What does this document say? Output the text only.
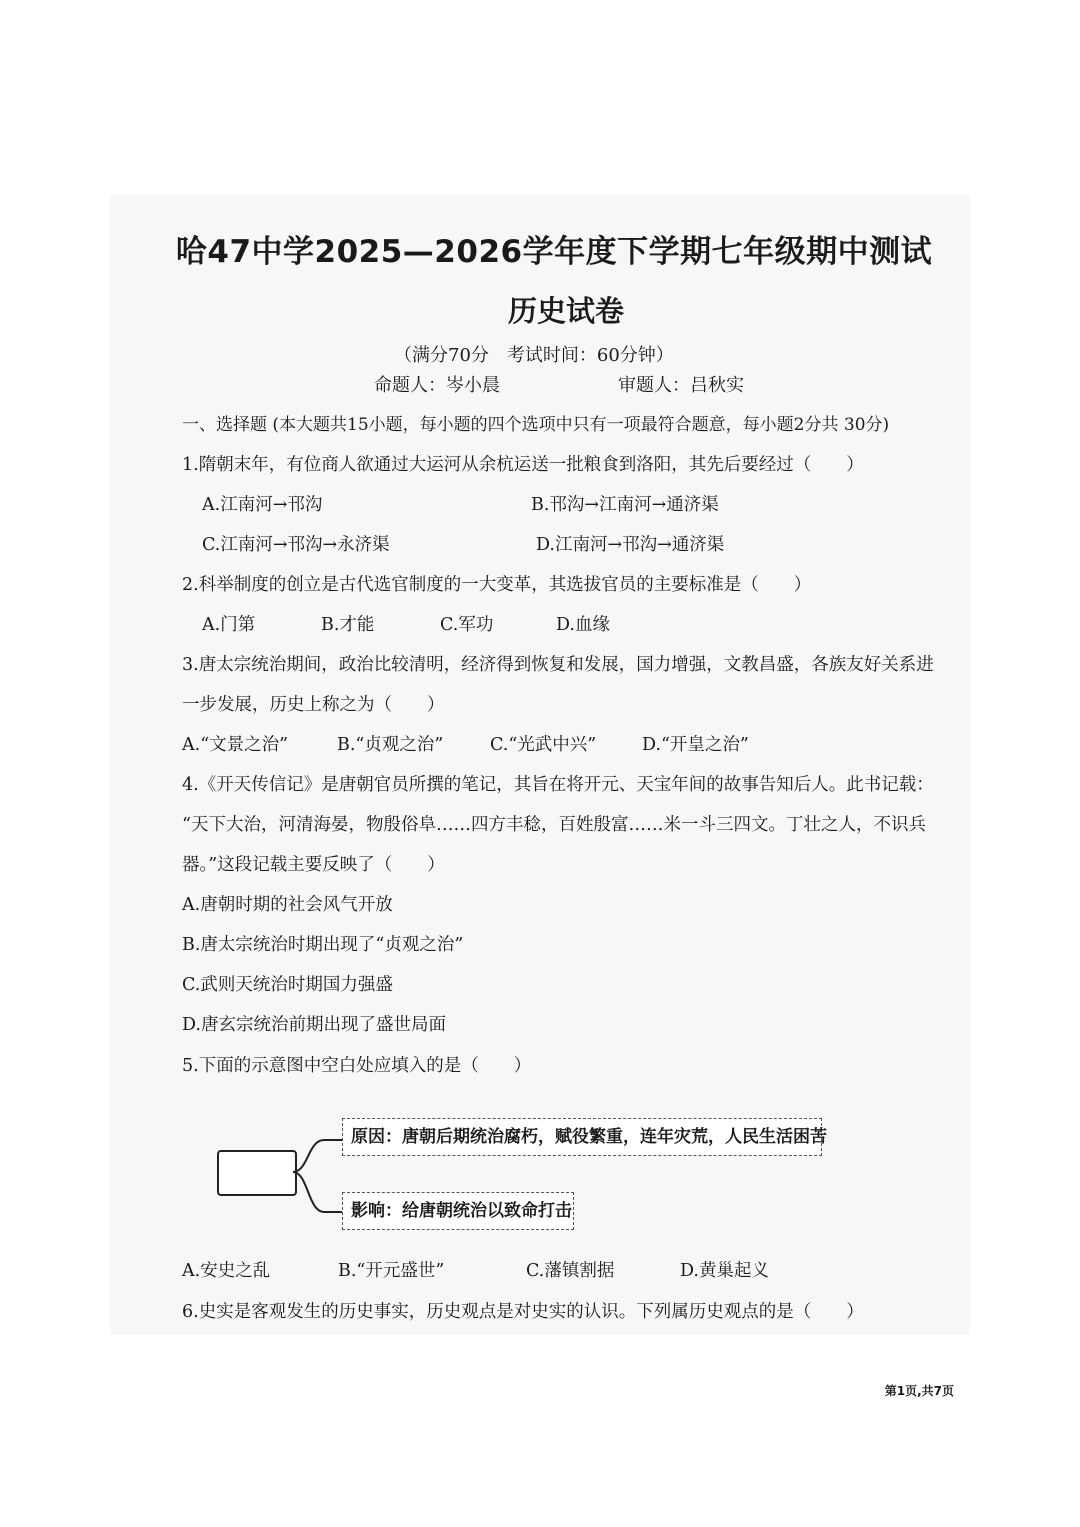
哈47中学2025—2026学年度下学期七年级期中测试
历史试卷
（满分70分　考试时间：60分钟）
命题人：岑小晨	审题人：吕秋实
一、选择题 (本大题共15小题，每小题的四个选项中只有一项最符合题意，每小题2分共 30分)
1.隋朝末年，有位商人欲通过大运河从余杭运送一批粮食到洛阳，其先后要经过（　　）
A.江南河→邗沟	B.邗沟→江南河→通济渠
C.江南河→邗沟→永济渠	D.江南河→邗沟→通济渠
2.科举制度的创立是古代选官制度的一大变革，其选拔官员的主要标准是（　　）
A.门第	B.才能	C.军功	D.血缘
3.唐太宗统治期间，政治比较清明，经济得到恢复和发展，国力增强，文教昌盛，各族友好关系进
一步发展，历史上称之为（　　）
A.“文景之治”	B.“贞观之治”	C.“光武中兴”	D.“开皇之治”
4.《开天传信记》是唐朝官员所撰的笔记，其旨在将开元、天宝年间的故事告知后人。此书记载：
“天下大治，河清海晏，物殷俗阜……四方丰稔，百姓殷富……米一斗三四文。丁壮之人，不识兵
器。”这段记载主要反映了（　　）
A.唐朝时期的社会风气开放
B.唐太宗统治时期出现了“贞观之治”
C.武则天统治时期国力强盛
D.唐玄宗统治前期出现了盛世局面
5.下面的示意图中空白处应填入的是（　　）
原因：唐朝后期统治腐朽，赋役繁重，连年灾荒，人民生活困苦
影响：给唐朝统治以致命打击
A.安史之乱	B.“开元盛世”	C.藩镇割据	D.黄巢起义
6.史实是客观发生的历史事实，历史观点是对史实的认识。下列属历史观点的是（　　）
第1页,共7页
